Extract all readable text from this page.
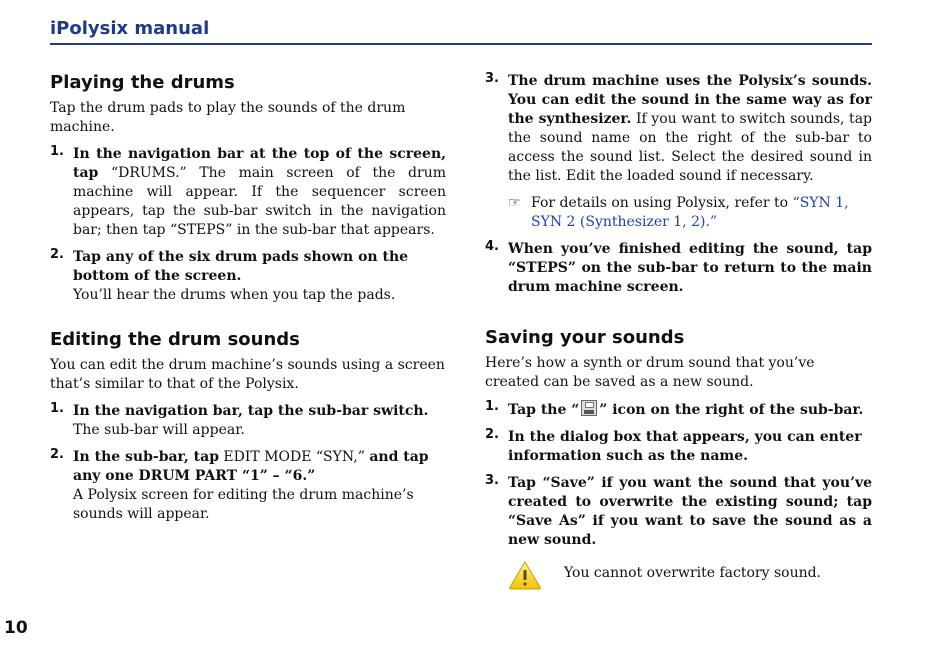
iPolysix manual
Playing the drums

Tap the drum pads to play the sounds of the drum machine.

1. In the navigation bar at the top of the screen, tap “DRUMS.” The main screen of the drum machine will appear. If the sequencer screen appears, tap the sub-bar switch in the navigation bar; then tap “STEPS” in the sub-bar that appears.
2. Tap any of the six drum pads shown on the bottom of the screen.
You’ll hear the drums when you tap the pads.
Editing the drum sounds

You can edit the drum machine’s sounds using a screen that’s similar to that of the Polysix.

1. In the navigation bar, tap the sub-bar switch.
The sub-bar will appear.
2. In the sub-bar, tap EDIT MODE “SYN,” and tap any one DRUM PART “1” – “6.”
A Polysix screen for editing the drum machine’s sounds will appear.
3. The drum machine uses the Polysix’s sounds. You can edit the sound in the same way as for the synthesizer. If you want to switch sounds, tap the sound name on the right of the sub-bar to access the sound list. Select the desired sound in the list. Edit the loaded sound if necessary.
☞ For details on using Polysix, refer to “SYN 1, SYN 2 (Synthesizer 1, 2).”
4. When you’ve finished editing the sound, tap “STEPS” on the sub-bar to return to the main drum machine screen.
Saving your sounds

Here’s how a synth or drum sound that you’ve created can be saved as a new sound.

1. Tap the “ ” icon on the right of the sub-bar.
2. In the dialog box that appears, you can enter information such as the name.
3. Tap “Save” if you want the sound that you’ve created to overwrite the existing sound; tap “Save As” if you want to save the sound as a new sound.
You cannot overwrite factory sound.
10
